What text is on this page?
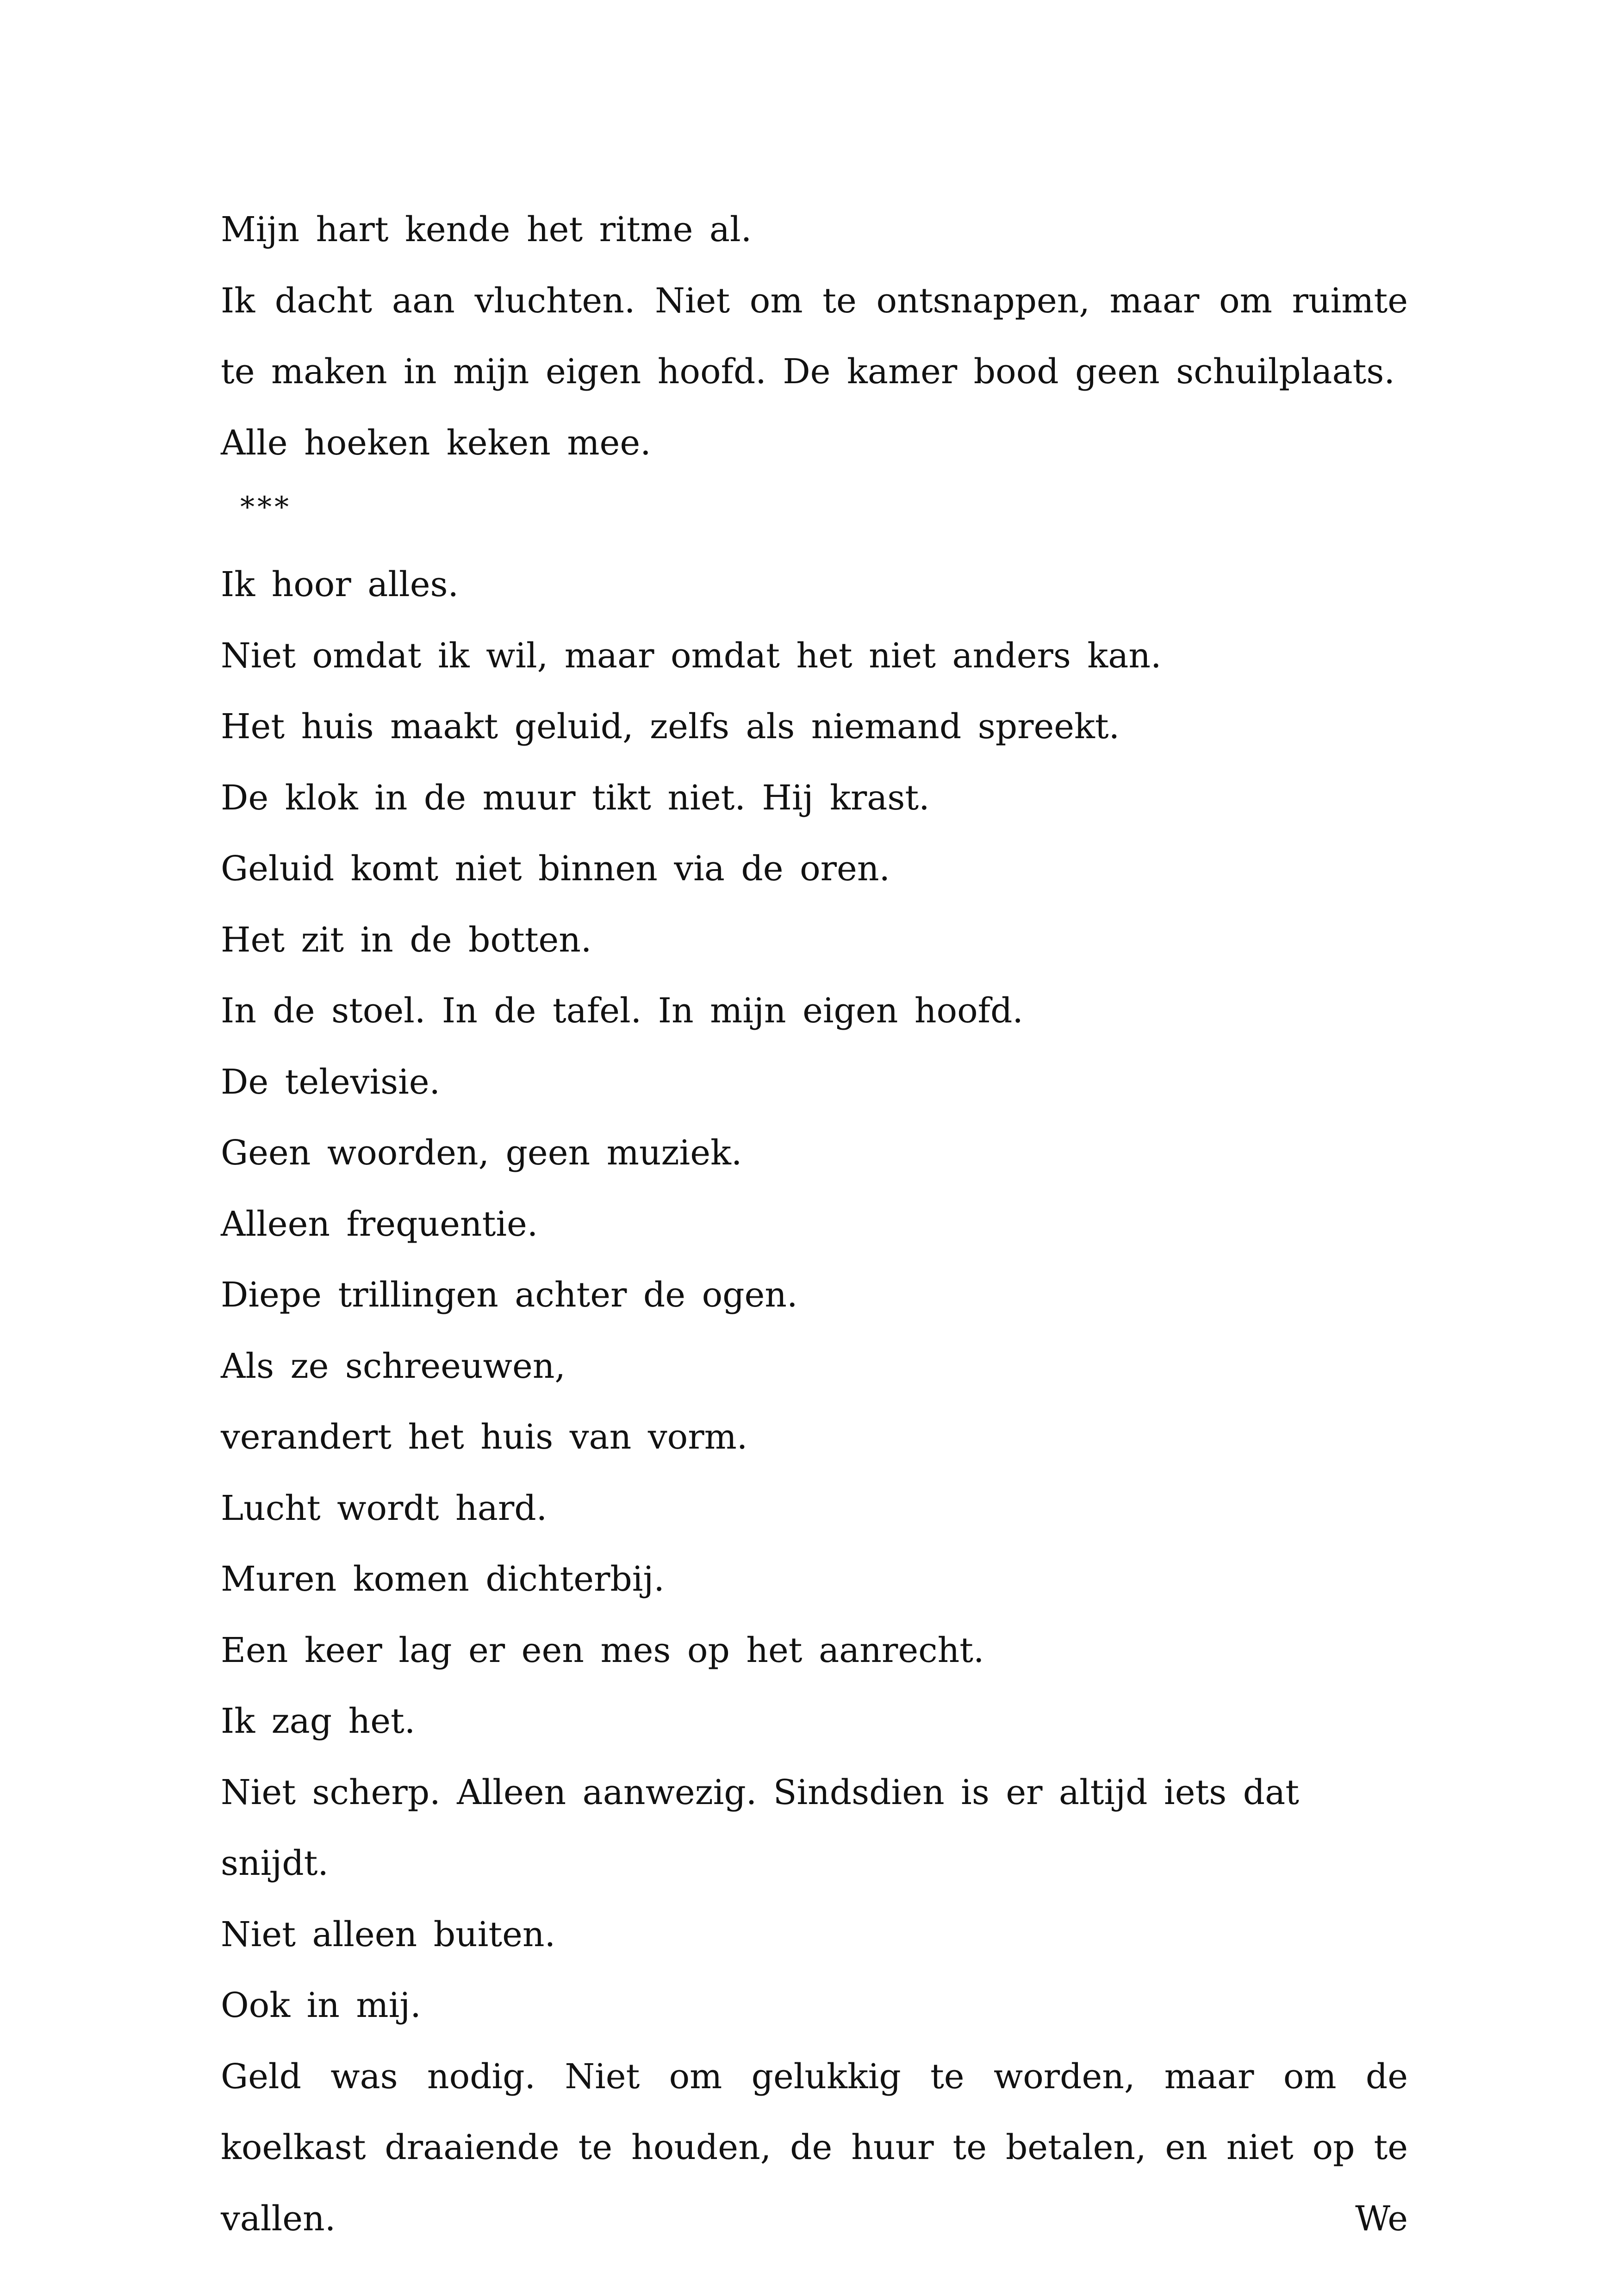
Mijn hart kende het ritme al.

Ik dacht aan vluchten. Niet om te ontsnappen, maar om ruimte te maken in mijn eigen hoofd. De kamer bood geen schuilplaats.

Alle hoeken keken mee.

***

Ik hoor alles.

Niet omdat ik wil, maar omdat het niet anders kan.

Het huis maakt geluid, zelfs als niemand spreekt.

De klok in de muur tikt niet. Hij krast.

Geluid komt niet binnen via de oren.

Het zit in de botten.

In de stoel. In de tafel. In mijn eigen hoofd.

De televisie.

Geen woorden, geen muziek.

Alleen frequentie.

Diepe trillingen achter de ogen.

Als ze schreeuwen,

verandert het huis van vorm.

Lucht wordt hard.

Muren komen dichterbij.

Een keer lag er een mes op het aanrecht.

Ik zag het.

Niet scherp. Alleen aanwezig. Sindsdien is er altijd iets dat snijdt.

Niet alleen buiten.

Ook in mij.

Geld was nodig. Niet om gelukkig te worden, maar om de koelkast draaiende te houden, de huur te betalen, en niet op te vallen. We
